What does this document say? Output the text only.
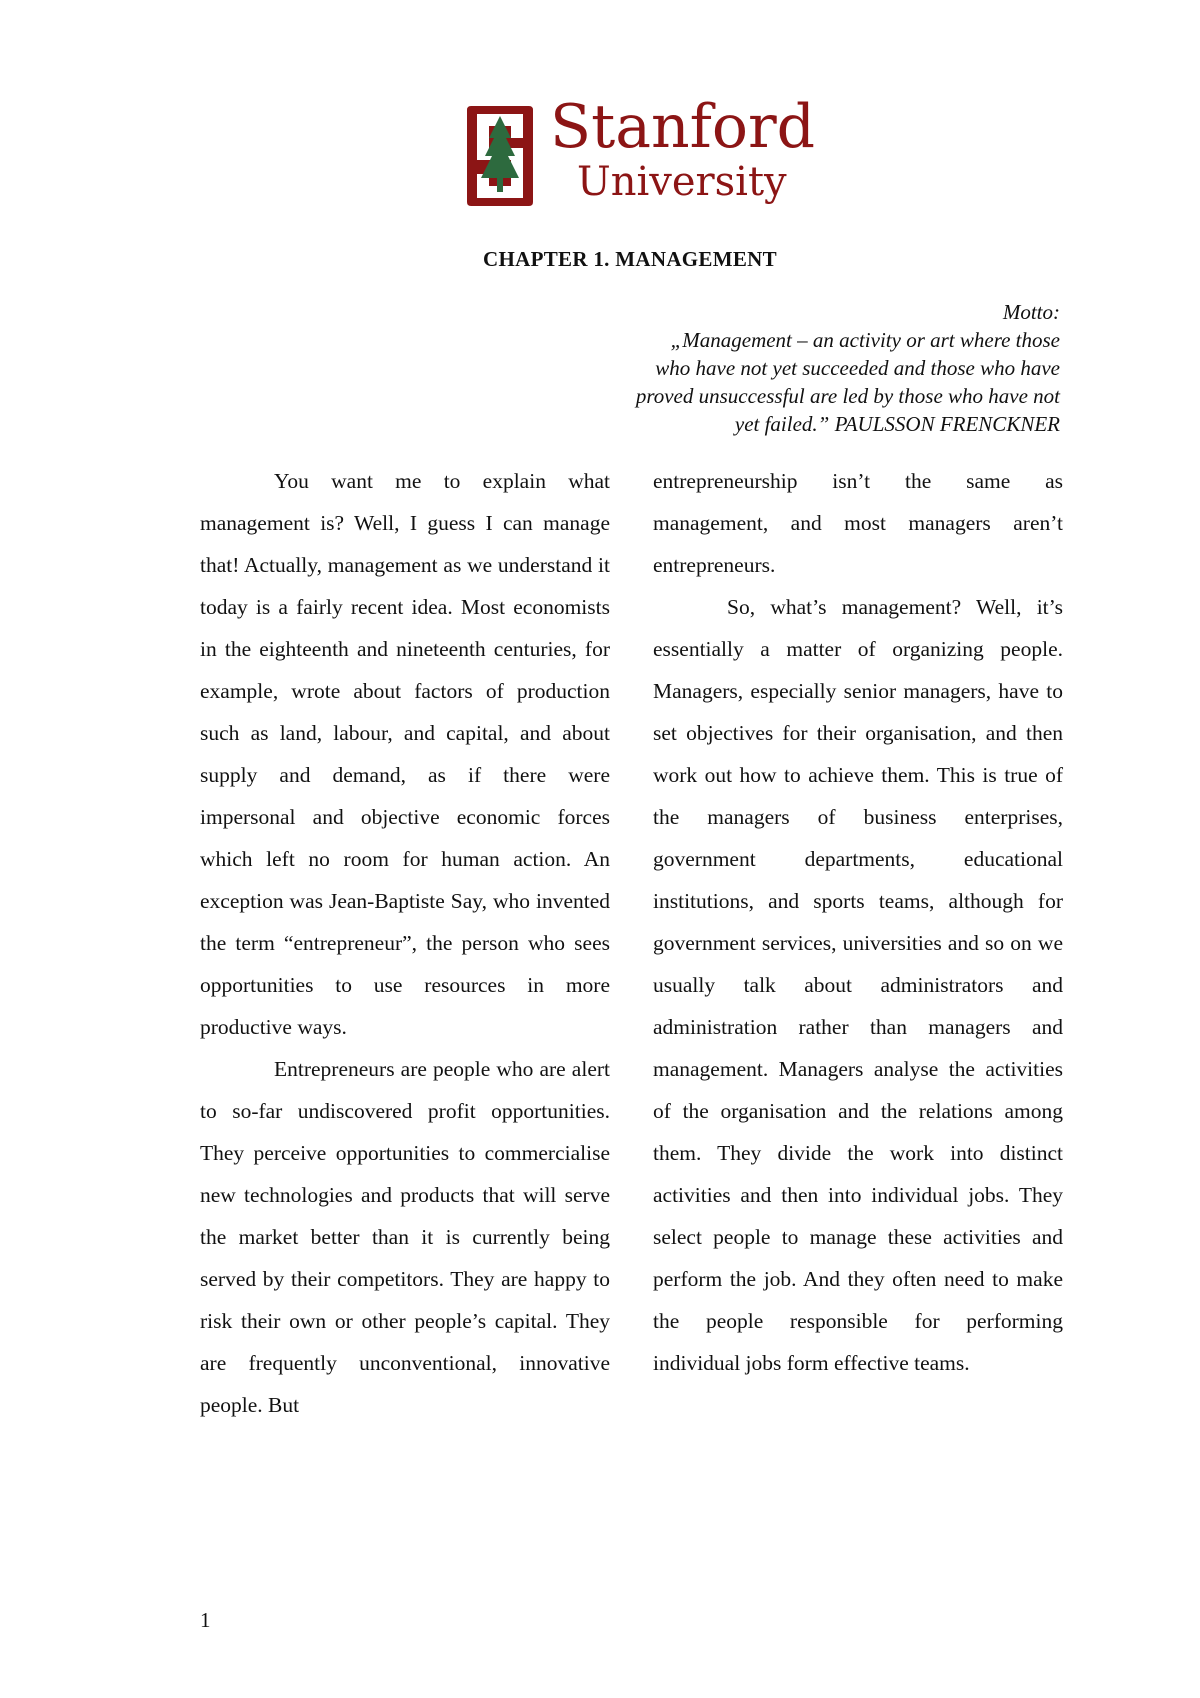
Stanford
University
CHAPTER 1. MANAGEMENT
Motto:
„Management – an activity or art where those
who have not yet succeeded and those who have
proved unsuccessful are led by those who have not
yet failed.” PAULSSON FRENCKNER

You want me to explain what management is? Well, I guess I can manage that! Actually, management as we understand it today is a fairly recent idea. Most economists in the eighteenth and nineteenth centuries, for example, wrote about factors of production such as land, labour, and capital, and about supply and demand, as if there were impersonal and objective economic forces which left no room for human action. An exception was Jean-Baptiste Say, who invented the term “entrepreneur”, the person who sees opportunities to use resources in more productive ways.

Entrepreneurs are people who are alert to so-far undiscovered profit opportunities. They perceive opportunities to commercialise new technologies and products that will serve the market better than it is currently being served by their competitors. They are happy to risk their own or other people’s capital. They are frequently unconventional, innovative people. But

entrepreneurship isn’t the same as management, and most managers aren’t entrepreneurs.

So, what’s management? Well, it’s essentially a matter of organizing people. Managers, especially senior managers, have to set objectives for their organisation, and then work out how to achieve them. This is true of the managers of business enterprises, government departments, educational institutions, and sports teams, although for government services, universities and so on we usually talk about administrators and administration rather than managers and management. Managers analyse the activities of the organisation and the relations among them. They divide the work into distinct activities and then into individual jobs. They select people to manage these activities and perform the job. And they often need to make the people responsible for performing individual jobs form effective teams.

1
